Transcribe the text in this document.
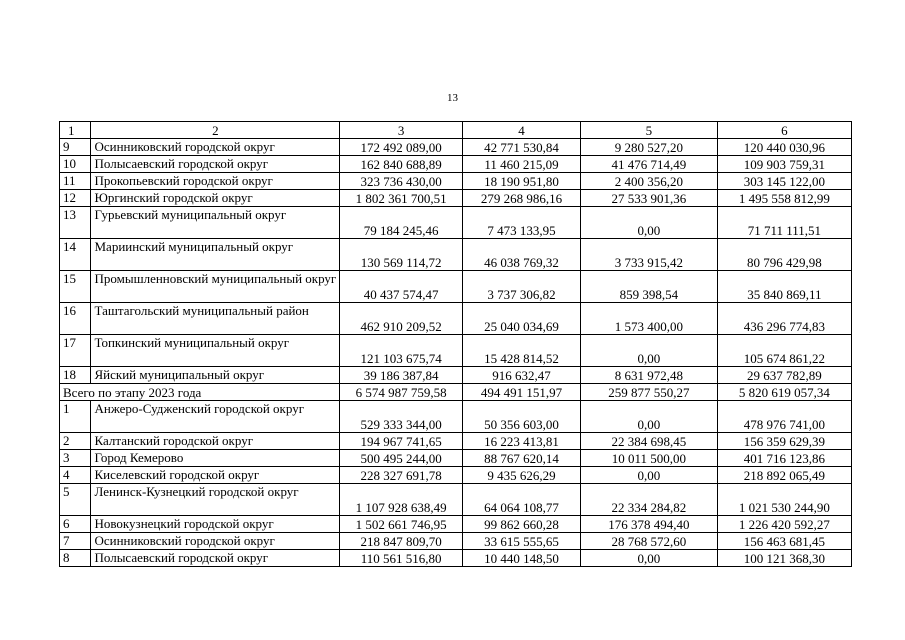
13
1	2	3	4	5	6
9	Осинниковский городской округ	172 492 089,00	42 771 530,84	9 280 527,20	120 440 030,96
10	Полысаевский городской округ	162 840 688,89	11 460 215,09	41 476 714,49	109 903 759,31
11	Прокопьевский городской округ	323 736 430,00	18 190 951,80	2 400 356,20	303 145 122,00
12	Юргинский городской округ	1 802 361 700,51	279 268 986,16	27 533 901,36	1 495 558 812,99
13	Гурьевский муниципальный округ	79 184 245,46	7 473 133,95	0,00	71 711 111,51
14	Мариинский муниципальный округ	130 569 114,72	46 038 769,32	3 733 915,42	80 796 429,98
15	Промышленновский муниципальный округ	40 437 574,47	3 737 306,82	859 398,54	35 840 869,11
16	Таштагольский муниципальный район	462 910 209,52	25 040 034,69	1 573 400,00	436 296 774,83
17	Топкинский муниципальный округ	121 103 675,74	15 428 814,52	0,00	105 674 861,22
18	Яйский муниципальный округ	39 186 387,84	916 632,47	8 631 972,48	29 637 782,89
Всего по этапу 2023 года		6 574 987 759,58	494 491 151,97	259 877 550,27	5 820 619 057,34
1	Анжеро-Судженский городской округ	529 333 344,00	50 356 603,00	0,00	478 976 741,00
2	Калтанский городской округ	194 967 741,65	16 223 413,81	22 384 698,45	156 359 629,39
3	Город Кемерово	500 495 244,00	88 767 620,14	10 011 500,00	401 716 123,86
4	Киселевский городской округ	228 327 691,78	9 435 626,29	0,00	218 892 065,49
5	Ленинск-Кузнецкий городской округ	1 107 928 638,49	64 064 108,77	22 334 284,82	1 021 530 244,90
6	Новокузнецкий городской округ	1 502 661 746,95	99 862 660,28	176 378 494,40	1 226 420 592,27
7	Осинниковский городской округ	218 847 809,70	33 615 555,65	28 768 572,60	156 463 681,45
8	Полысаевский городской округ	110 561 516,80	10 440 148,50	0,00	100 121 368,30
